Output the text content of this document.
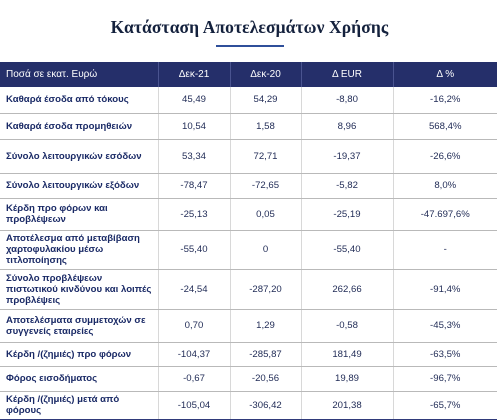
Κατάσταση Αποτελεσμάτων Χρήσης
Ποσά σε εκατ. Ευρώ	Δεκ-21	Δεκ-20	Δ EUR	Δ %
Καθαρά έσοδα από τόκους	45,49	54,29	-8,80	-16,2%
Καθαρά έσοδα προμηθειών	10,54	1,58	8,96	568,4%
Σύνολο λειτουργικών εσόδων	53,34	72,71	-19,37	-26,6%
Σύνολο λειτουργικών εξόδων	-78,47	-72,65	-5,82	8,0%
Κέρδη προ φόρων και προβλέψεων	-25,13	0,05	-25,19	-47.697,6%
Αποτέλεσμα από μεταβίβαση χαρτοφυλακίου μέσω τιτλοποίησης	-55,40	0	-55,40	-
Σύνολο προβλέψεων πιστωτικού κινδύνου και λοιπές προβλέψεις	-24,54	-287,20	262,66	-91,4%
Αποτελέσματα συμμετοχών σε συγγενείς εταιρείες	0,70	1,29	-0,58	-45,3%
Κέρδη /(ζημιές) προ φόρων	-104,37	-285,87	181,49	-63,5%
Φόρος εισοδήματος	-0,67	-20,56	19,89	-96,7%
Κέρδη /(ζημιές) μετά από φόρους	-105,04	-306,42	201,38	-65,7%
